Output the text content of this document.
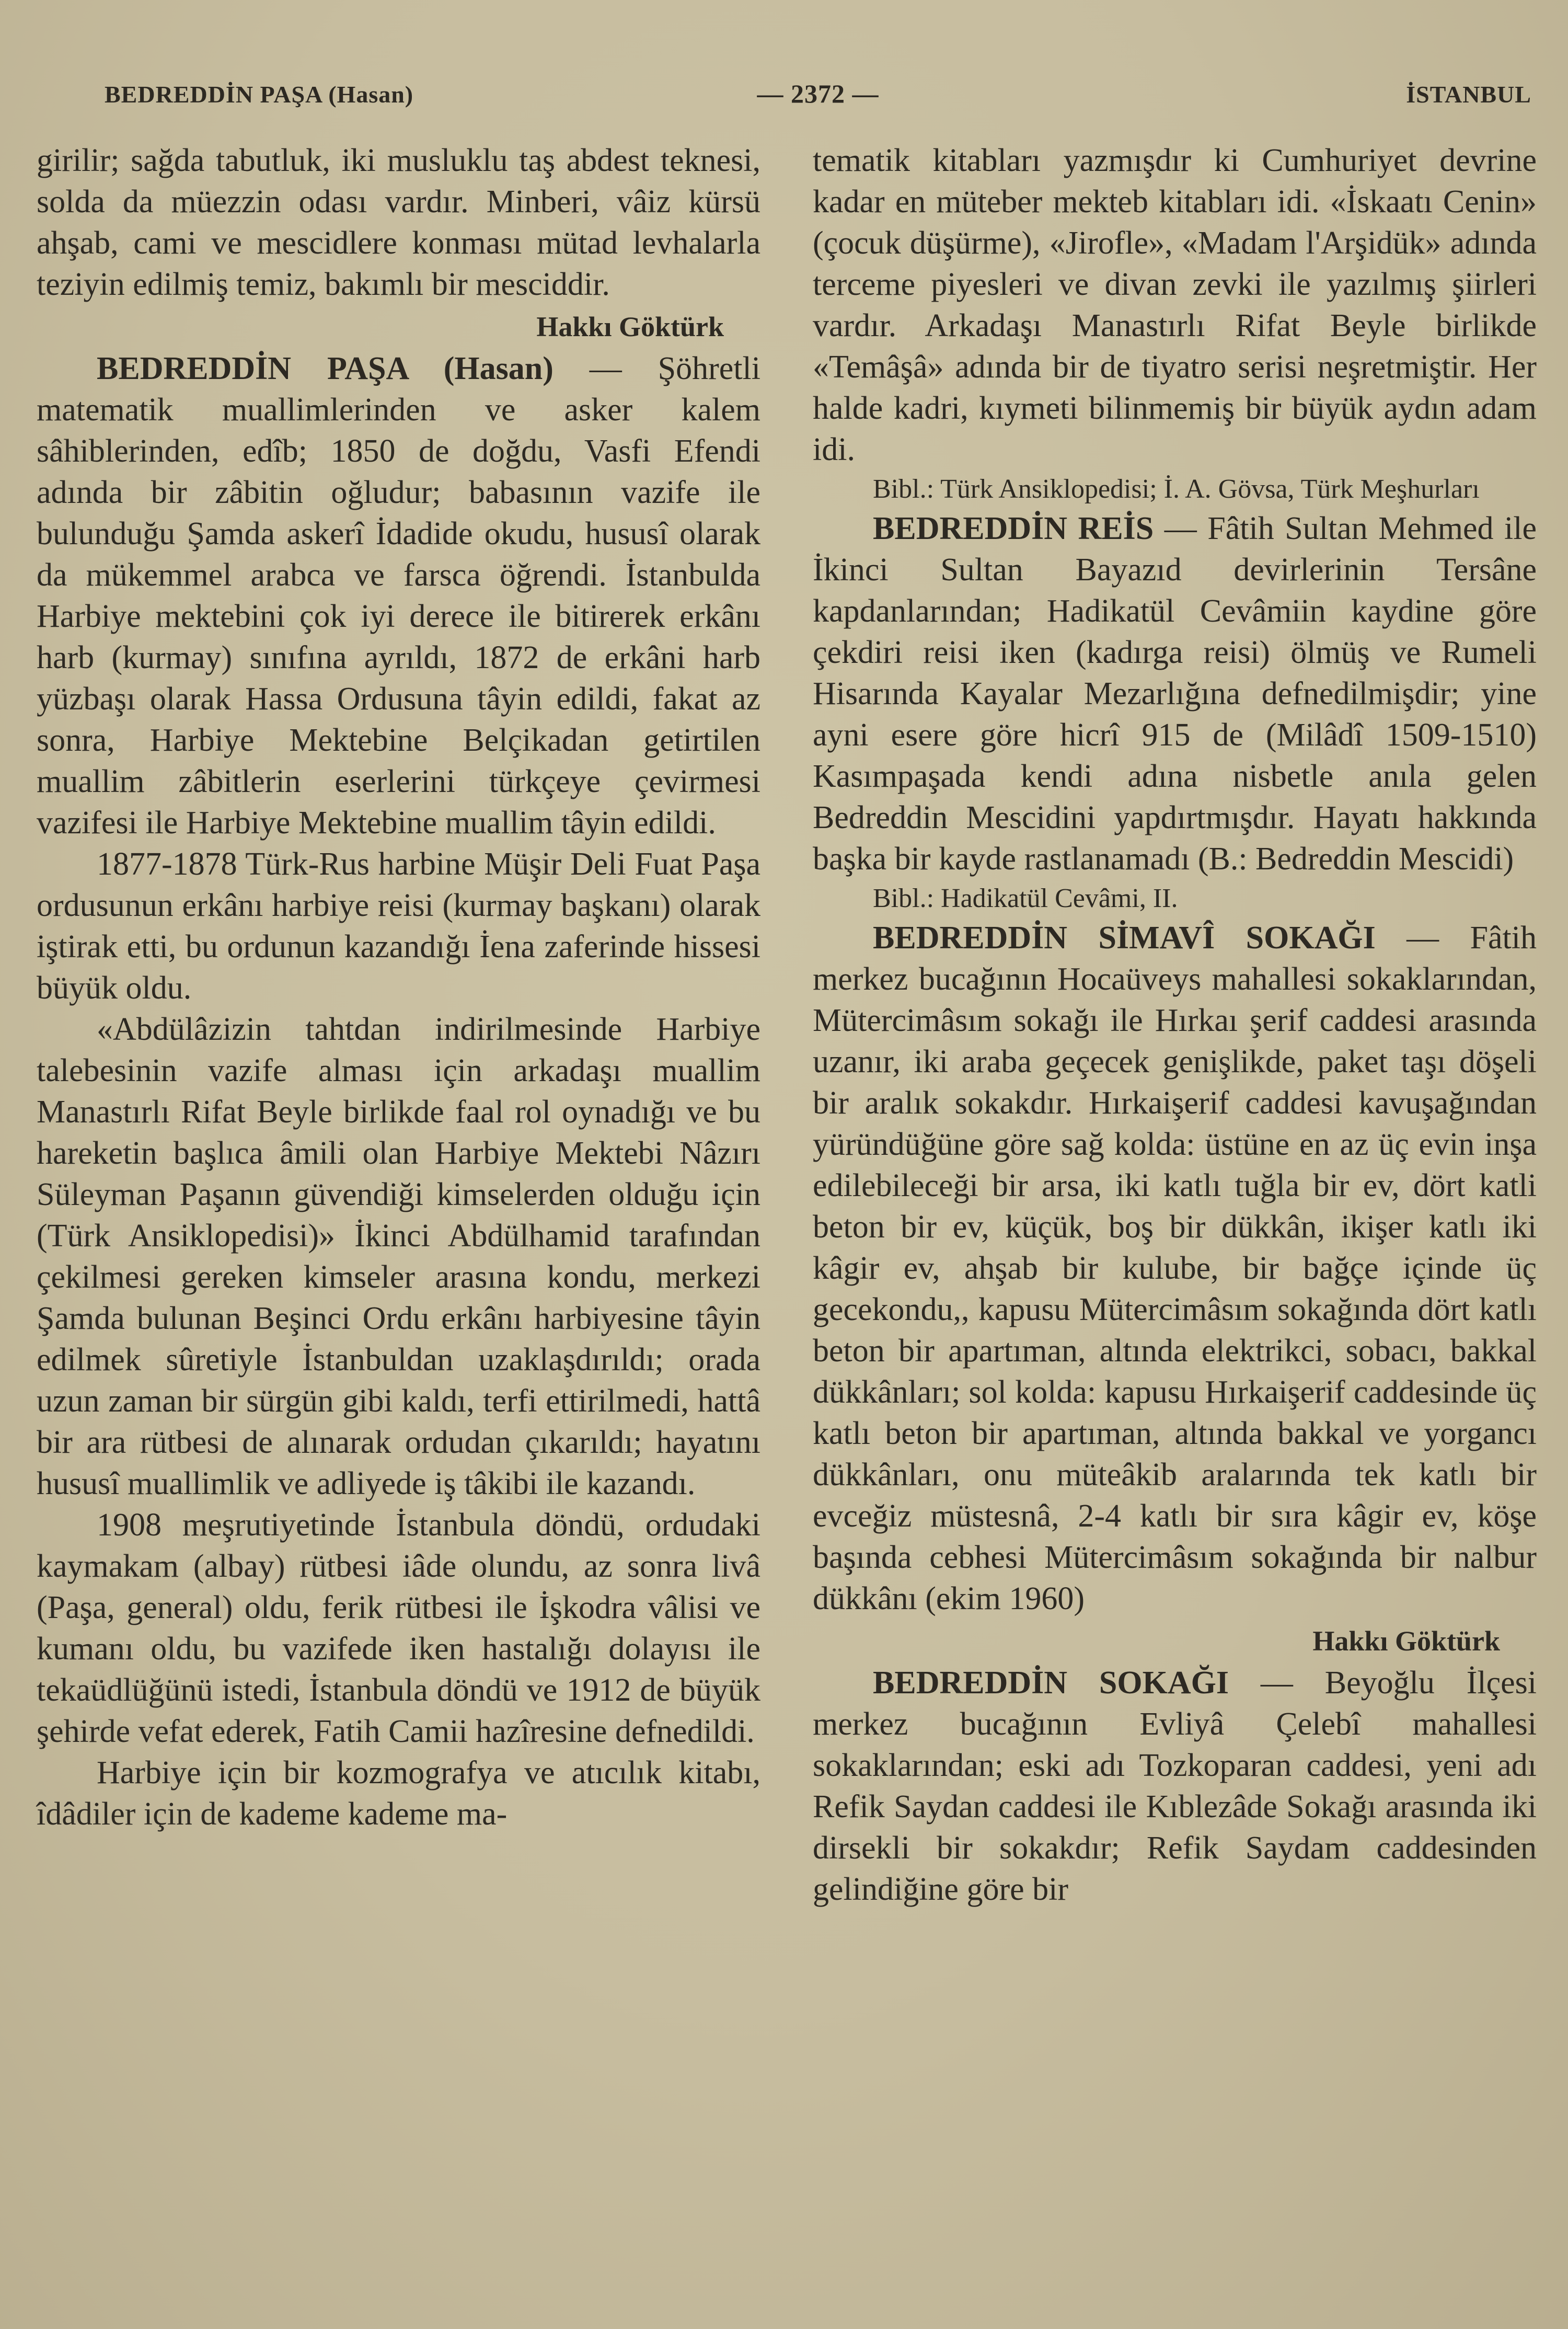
BEDREDDİN PAŞA (Hasan)	— 2372 —	İSTANBUL

girilir; sağda tabutluk, iki musluklu taş abdest teknesi, solda da müezzin odası vardır. Minberi, vâiz kürsü ahşab, cami ve mescidlere konması mütad levhalarla teziyin edilmiş temiz, bakımlı bir mesciddir.

Hakkı Göktürk

BEDREDDİN PAŞA (Hasan) — Şöhretli matematik muallimlerinden ve asker kalem sâhiblerinden, edîb; 1850 de doğdu, Vasfi Efendi adında bir zâbitin oğludur; babasının vazife ile bulunduğu Şamda askerî İdadide okudu, hususî olarak da mükemmel arabca ve farsca öğrendi. İstanbulda Harbiye mektebini çok iyi derece ile bitirerek erkânı harb (kurmay) sınıfına ayrıldı, 1872 de erkâni harb yüzbaşı olarak Hassa Ordusuna tâyin edildi, fakat az sonra, Harbiye Mektebine Belçikadan getirtilen muallim zâbitlerin eserlerini türkçeye çevirmesi vazifesi ile Harbiye Mektebine muallim tâyin edildi.

1877-1878 Türk-Rus harbine Müşir Deli Fuat Paşa ordusunun erkânı harbiye reisi (kurmay başkanı) olarak iştirak etti, bu ordunun kazandığı İena zaferinde hissesi büyük oldu.

«Abdülâzizin tahtdan indirilmesinde Harbiye talebesinin vazife alması için arkadaşı muallim Manastırlı Rifat Beyle birlikde faal rol oynadığı ve bu hareketin başlıca âmili olan Harbiye Mektebi Nâzırı Süleyman Paşanın güvendiği kimselerden olduğu için (Türk Ansiklopedisi)» İkinci Abdülhamid tarafından çekilmesi gereken kimseler arasına kondu, merkezi Şamda bulunan Beşinci Ordu erkânı harbiyesine tâyin edilmek sûretiyle İstanbuldan uzaklaşdırıldı; orada uzun zaman bir sürgün gibi kaldı, terfi ettirilmedi, hattâ bir ara rütbesi de alınarak ordudan çıkarıldı; hayatını hususî muallimlik ve adliyede iş tâkibi ile kazandı.

1908 meşrutiyetinde İstanbula döndü, ordudaki kaymakam (albay) rütbesi iâde olundu, az sonra livâ (Paşa, general) oldu, ferik rütbesi ile İşkodra vâlisi ve kumanı oldu, bu vazifede iken hastalığı dolayısı ile tekaüdlüğünü istedi, İstanbula döndü ve 1912 de büyük şehirde vefat ederek, Fatih Camii hazîresine defnedildi.

Harbiye için bir kozmografya ve atıcılık kitabı, îdâdiler için de kademe kademe ma-

tematik kitabları yazmışdır ki Cumhuriyet devrine kadar en müteber mekteb kitabları idi. «İskaatı Cenin» (çocuk düşürme), «Jirofle», «Madam l'Arşidük» adında terceme piyesleri ve divan zevki ile yazılmış şiirleri vardır. Arkadaşı Manastırlı Rifat Beyle birlikde «Temâşâ» adında bir de tiyatro serisi neşretmiştir. Her halde kadri, kıymeti bilinmemiş bir büyük aydın adam idi.

Bibl.: Türk Ansiklopedisi; İ. A. Gövsa, Türk Meşhurları

BEDREDDİN REİS — Fâtih Sultan Mehmed ile İkinci Sultan Bayazıd devirlerinin Tersâne kapdanlarından; Hadikatül Cevâmiin kaydine göre çekdiri reisi iken (kadırga reisi) ölmüş ve Rumeli Hisarında Kayalar Mezarlığına defnedilmişdir; yine ayni esere göre hicrî 915 de (Milâdî 1509-1510) Kasımpaşada kendi adına nisbetle anıla gelen Bedreddin Mescidini yapdırtmışdır. Hayatı hakkında başka bir kayde rastlanamadı (B.: Bedreddin Mescidi)

Bibl.: Hadikatül Cevâmi, II.

BEDREDDİN SİMAVÎ SOKAĞI — Fâtih merkez bucağının Hocaüveys mahallesi sokaklarından, Mütercimâsım sokağı ile Hırkaı şerif caddesi arasında uzanır, iki araba geçecek genişlikde, paket taşı döşeli bir aralık sokakdır. Hırkaişerif caddesi kavuşağından yüründüğüne göre sağ kolda: üstüne en az üç evin inşa edilebileceği bir arsa, iki katlı tuğla bir ev, dört katli beton bir ev, küçük, boş bir dükkân, ikişer katlı iki kâgir ev, ahşab bir kulube, bir bağçe içinde üç gecekondu,, kapusu Mütercimâsım sokağında dört katlı beton bir apartıman, altında elektrikci, sobacı, bakkal dükkânları; sol kolda: kapusu Hırkaişerif caddesinde üç katlı beton bir apartıman, altında bakkal ve yorgancı dükkânları, onu müteâkib aralarında tek katlı bir evceğiz müstesnâ, 2-4 katlı bir sıra kâgir ev, köşe başında cebhesi Mütercimâsım sokağında bir nalbur dükkânı (ekim 1960)

Hakkı Göktürk

BEDREDDİN SOKAĞI — Beyoğlu İlçesi merkez bucağının Evliyâ Çelebî mahallesi sokaklarından; eski adı Tozkoparan caddesi, yeni adı Refik Saydan caddesi ile Kıblezâde Sokağı arasında iki dirsekli bir sokakdır; Refik Saydam caddesinden gelindiğine göre bir
